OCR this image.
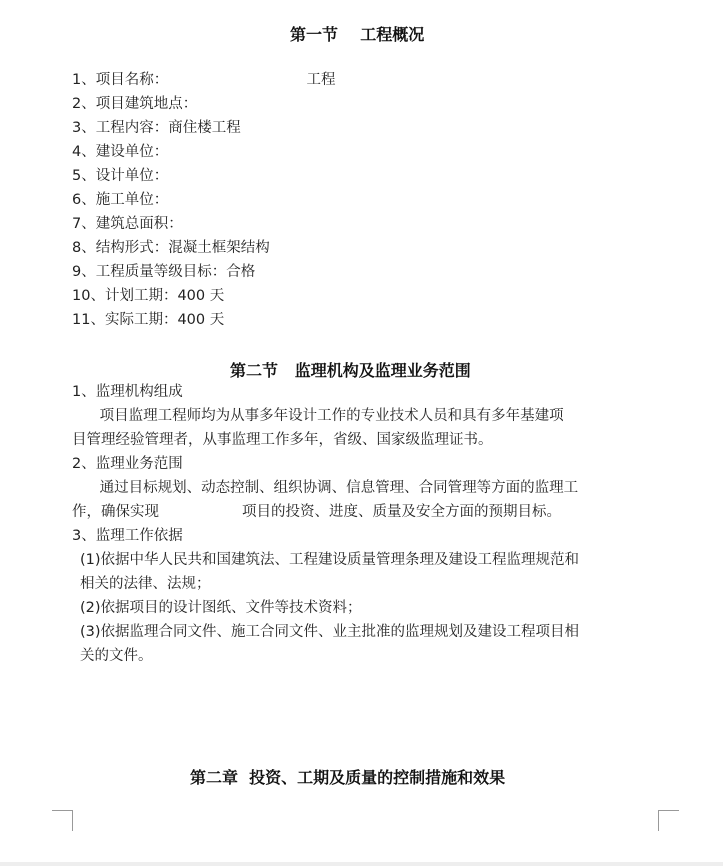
第一节    工程概况
1、项目名称：                              工程
2、项目建筑地点：
3、工程内容：商住楼工程
4、建设单位：
5、设计单位：
6、施工单位：
7、建筑总面积：
8、结构形式：混凝土框架结构
9、工程质量等级目标：合格
10、计划工期：400 天
11、实际工期：400 天
第二节   监理机构及监理业务范围
1、监理机构组成
项目监理工程师均为从事多年设计工作的专业技术人员和具有多年基建项
目管理经验管理者，从事监理工作多年，省级、国家级监理证书。
2、监理业务范围
通过目标规划、动态控制、组织协调、信息管理、合同管理等方面的监理工
作，确保实现                  项目的投资、进度、质量及安全方面的预期目标。
3、监理工作依据
(1)依据中华人民共和国建筑法、工程建设质量管理条理及建设工程监理规范和
相关的法律、法规；
(2)依据项目的设计图纸、文件等技术资料；
(3)依据监理合同文件、施工合同文件、业主批准的监理规划及建设工程项目相
关的文件。
第二章  投资、工期及质量的控制措施和效果
